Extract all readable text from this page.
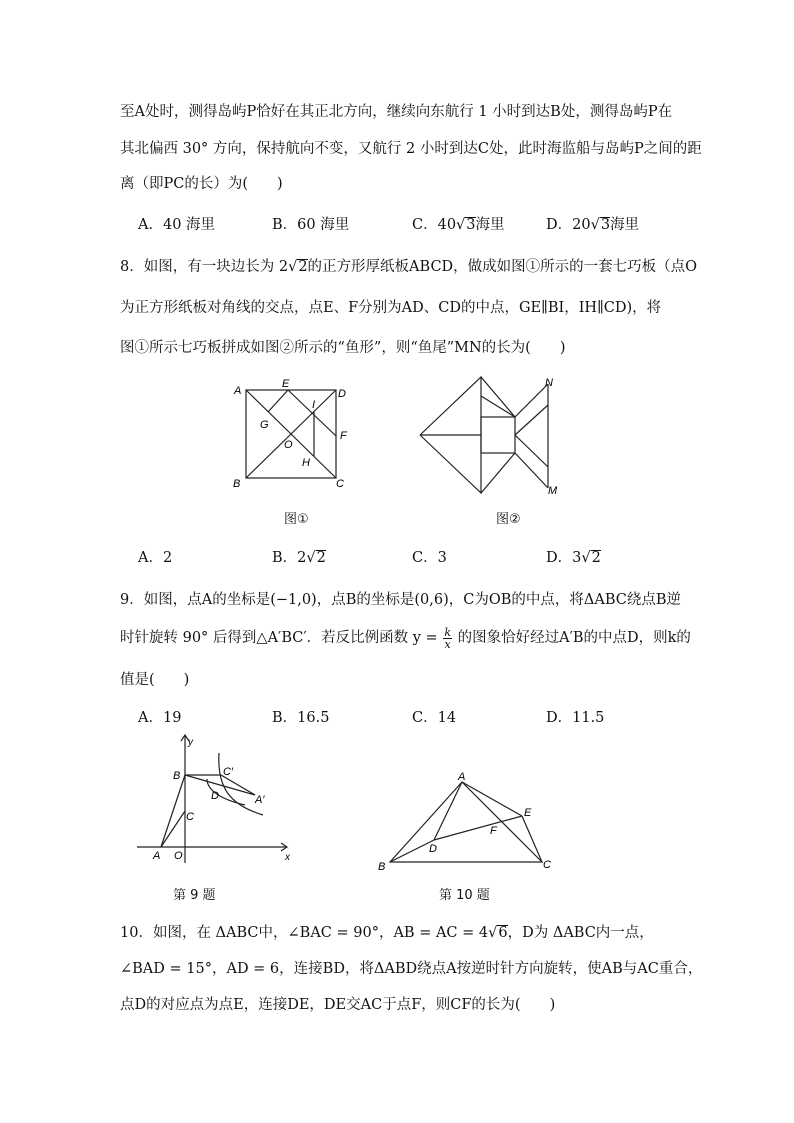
至A处时，测得岛屿P恰好在其正北方向，继续向东航行 1 小时到达B处，测得岛屿P在
其北偏西 30° 方向，保持航向不变，又航行 2 小时到达C处，此时海监船与岛屿P之间的距
离（即PC的长）为(　　)
A．40 海里	B．60 海里	C．40√3海里	D．20√3海里
8．如图，有一块边长为 2√2的正方形厚纸板ABCD，做成如图①所示的一套七巧板（点O
为正方形纸板对角线的交点，点E、F分别为AD、CD的中点，GE∥BI，IH∥CD)，将
图①所示七巧板拼成如图②所示的“鱼形”，则“鱼尾”MN的长为(　　)
A
E
D
I
G
F
O
H
B	C
图①
N
M
图②
A．2	B．2√2	C．3	D．3√2
9．如图，点A的坐标是(−1,0)，点B的坐标是(0,6)，C为OB的中点，将ΔABC绕点B逆
时针旋转 90° 后得到△A′BC′．若反比例函数 $y = \frac{k}{x}$ 的图象恰好经过A′B的中点D，则k的
值是(　　)
A．19	B．16.5	C．14	D．11.5
y
x
B	C′
D	A′
C
A O
第 9 题
A
E
F
D
B	C
第 10 题
10．如图，在 ΔABC中，∠BAC = 90°，AB = AC = 4√6，D为 ΔABC内一点，
∠BAD = 15°，AD = 6，连接BD，将ΔABD绕点A按逆时针方向旋转，使AB与AC重合，
点D的对应点为点E，连接DE，DE交AC于点F，则CF的长为(　　)
